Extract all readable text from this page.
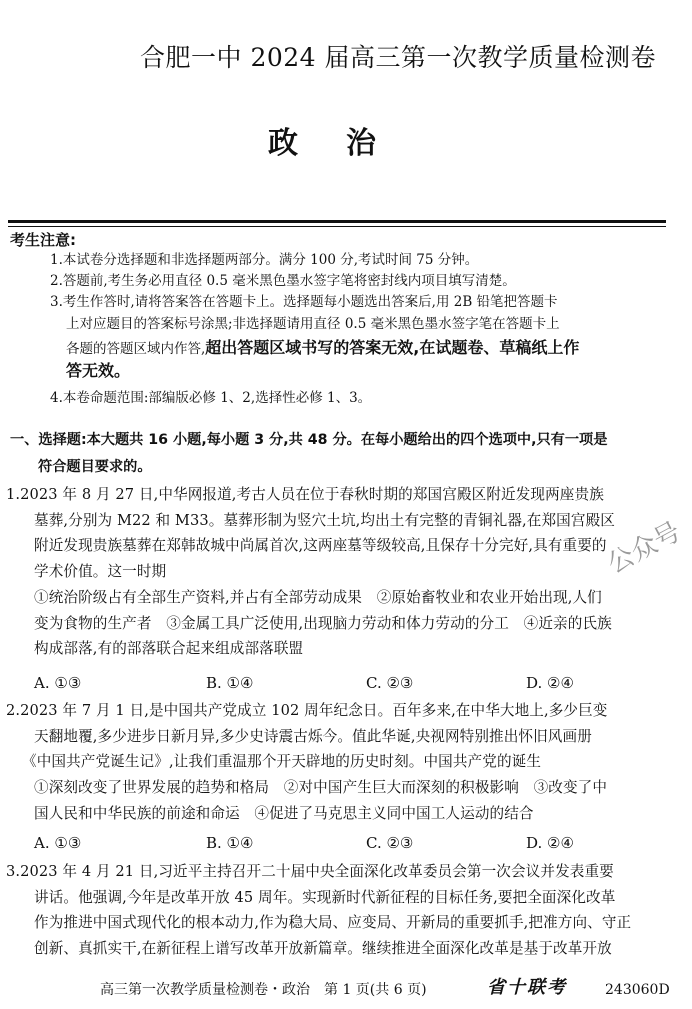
合肥一中 2024 届高三第一次教学质量检测卷
政治
考生注意:
1.本试卷分选择题和非选择题两部分。满分 100 分,考试时间 75 分钟。
2.答题前,考生务必用直径 0.5 毫米黑色墨水签字笔将密封线内项目填写清楚。
3.考生作答时,请将答案答在答题卡上。选择题每小题选出答案后,用 2B 铅笔把答题卡
上对应题目的答案标号涂黑;非选择题请用直径 0.5 毫米黑色墨水签字笔在答题卡上
各题的答题区域内作答,超出答题区域书写的答案无效,在试题卷、草稿纸上作
答无效。
4.本卷命题范围:部编版必修 1、2,选择性必修 1、3。
一、选择题:本大题共 16 小题,每小题 3 分,共 48 分。在每小题给出的四个选项中,只有一项是
符合题目要求的。
1.2023 年 8 月 27 日,中华网报道,考古人员在位于春秋时期的郑国宫殿区附近发现两座贵族
墓葬,分别为 M22 和 M33。墓葬形制为竖穴土坑,均出土有完整的青铜礼器,在郑国宫殿区
附近发现贵族墓葬在郑韩故城中尚属首次,这两座墓等级较高,且保存十分完好,具有重要的
学术价值。这一时期
①统治阶级占有全部生产资料,并占有全部劳动成果　②原始畜牧业和农业开始出现,人们
变为食物的生产者　③金属工具广泛使用,出现脑力劳动和体力劳动的分工　④近亲的氏族
构成部落,有的部落联合起来组成部落联盟
A. ①③	B. ①④	C. ②③	D. ②④
2.2023 年 7 月 1 日,是中国共产党成立 102 周年纪念日。百年多来,在中华大地上,多少巨变
天翻地覆,多少进步日新月异,多少史诗震古烁今。值此华诞,央视网特别推出怀旧风画册
《中国共产党诞生记》,让我们重温那个开天辟地的历史时刻。中国共产党的诞生
①深刻改变了世界发展的趋势和格局　②对中国产生巨大而深刻的积极影响　③改变了中
国人民和中华民族的前途和命运　④促进了马克思主义同中国工人运动的结合
A. ①③	B. ①④	C. ②③	D. ②④
3.2023 年 4 月 21 日,习近平主持召开二十届中央全面深化改革委员会第一次会议并发表重要
讲话。他强调,今年是改革开放 45 周年。实现新时代新征程的目标任务,要把全面深化改革
作为推进中国式现代化的根本动力,作为稳大局、应变局、开新局的重要抓手,把准方向、守正
创新、真抓实干,在新征程上谱写改革开放新篇章。继续推进全面深化改革是基于改革开放
公众号
高三第一次教学质量检测卷・政治　第 1 页(共 6 页)	省十联考	243060D
